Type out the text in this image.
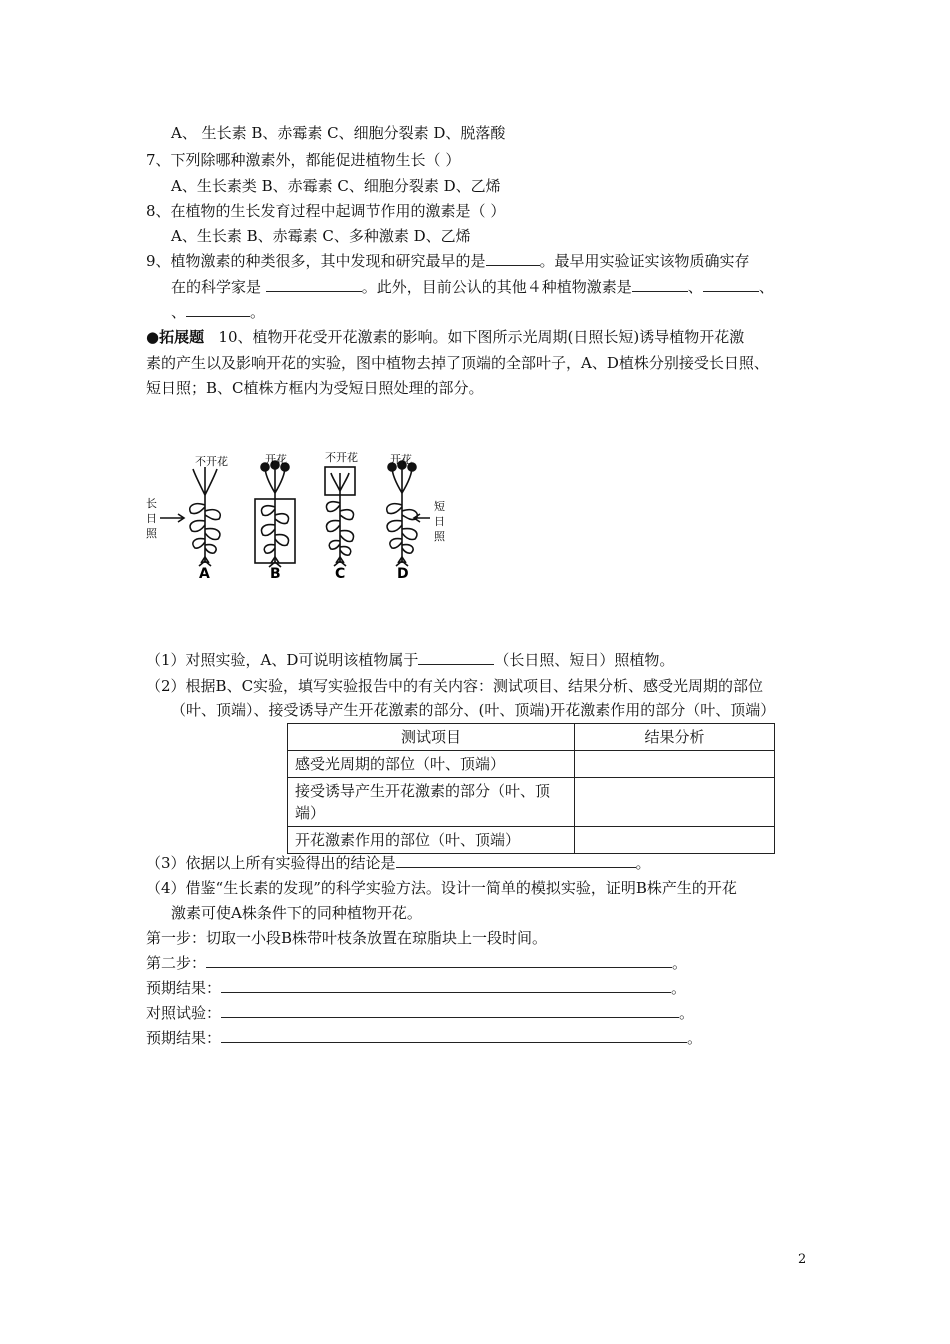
A、 生长素 B、赤霉素 C、细胞分裂素 D、脱落酸
7、下列除哪种激素外，都能促进植物生长（ ）
A、生长素类 B、赤霉素 C、细胞分裂素 D、乙烯
8、在植物的生长发育过程中起调节作用的激素是（ ）
A、生长素 B、赤霉素 C、多种激素 D、乙烯
9、植物激素的种类很多，其中发现和研究最早的是	。最早用实验证实该物质确实存
在的科学家是	。此外，目前公认的其他４种植物激素是	、	、
、	。
●拓展题 10、植物开花受开花激素的影响。如下图所示光周期(日照长短)诱导植物开花激
素的产生以及影响开花的实验，图中植物去掉了顶端的全部叶子，A、D植株分别接受长日照、
短日照；B、C植株方框内为受短日照处理的部分。
不开花	开花	不开花	开花
长
日
照
短
日
照
A	B	C	D
（1）对照实验，A、D可说明该植物属于	（长日照、短日）照植物。
（2）根据B、C实验，填写实验报告中的有关内容：测试项目、结果分析、感受光周期的部位
（叶、顶端）、接受诱导产生开花激素的部分、(叶、顶端)开花激素作用的部分（叶、顶端）
测试项目	结果分析
感受光周期的部位（叶、顶端）	
接受诱导产生开花激素的部分（叶、顶端）	
开花激素作用的部位（叶、顶端）	
（3）依据以上所有实验得出的结论是	。
（4）借鉴“生长素的发现”的科学实验方法。设计一简单的模拟实验，证明B株产生的开花
激素可使A株条件下的同种植物开花。
第一步：切取一小段B株带叶枝条放置在琼脂块上一段时间。
第二步：	。
预期结果：	。
对照试验：	。
预期结果：	。
2
